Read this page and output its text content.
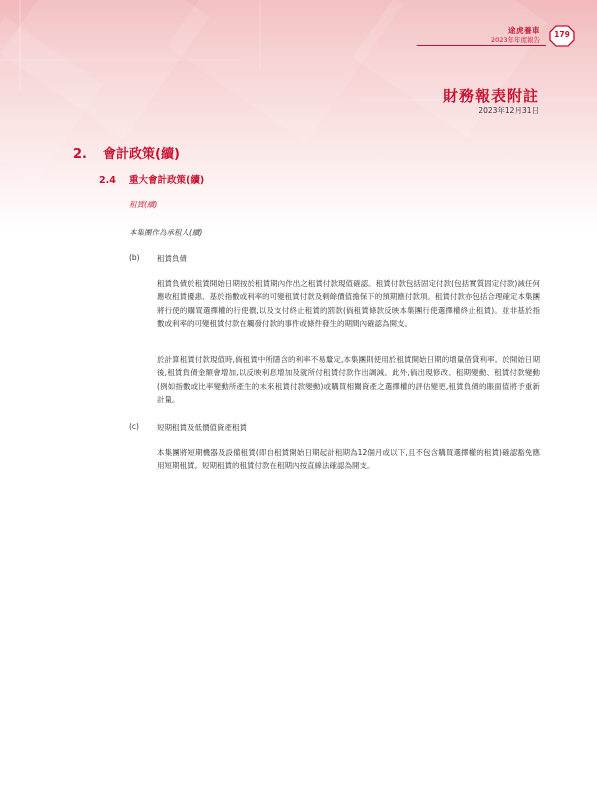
途虎養車
2023年年度報告
179
財務報表附註
2023年12月31日
2. 會計政策(續)
2.4 重大會計政策(續)
租賃(續)
本集團作為承租人(續)
(b) 租賃負債

租賃負債於租賃開始日期按於租賃期內作出之租賃付款現值確認。租賃付款包括固定付款(包括實質固定付款)減任何應收租賃優惠、基於指數或利率的可變租賃付款及剩餘價值擔保下的預期應付款項。租賃付款亦包括合理確定本集團將行使的購買選擇權的行使價,以及支付終止租賃的罰款(倘租賃條款反映本集團行使選擇權終止租賃)。並非基於指數或利率的可變租賃付款在觸發付款的事件或條件發生的期間內確認為開支。

於計算租賃付款現值時,倘租賃中所隱含的利率不易釐定,本集團則使用於租賃開始日期的增量借貸利率。於開始日期後,租賃負債金額會增加,以反映利息增加及就所付租賃付款作出調減。此外,倘出現修改、租期變動、租賃付款變動(例如指數或比率變動所產生的未來租賃付款變動)或購買相關資產之選擇權的評估變更,租賃負債的賬面值將予重新計量。

(c) 短期租賃及低價值資產租賃

本集團將短期機器及設備租賃(即自租賃開始日期起計租期為12個月或以下,且不包含購買選擇權的租賃)確認豁免應用短期租賃。短期租賃的租賃付款在租期內按直線法確認為開支。
